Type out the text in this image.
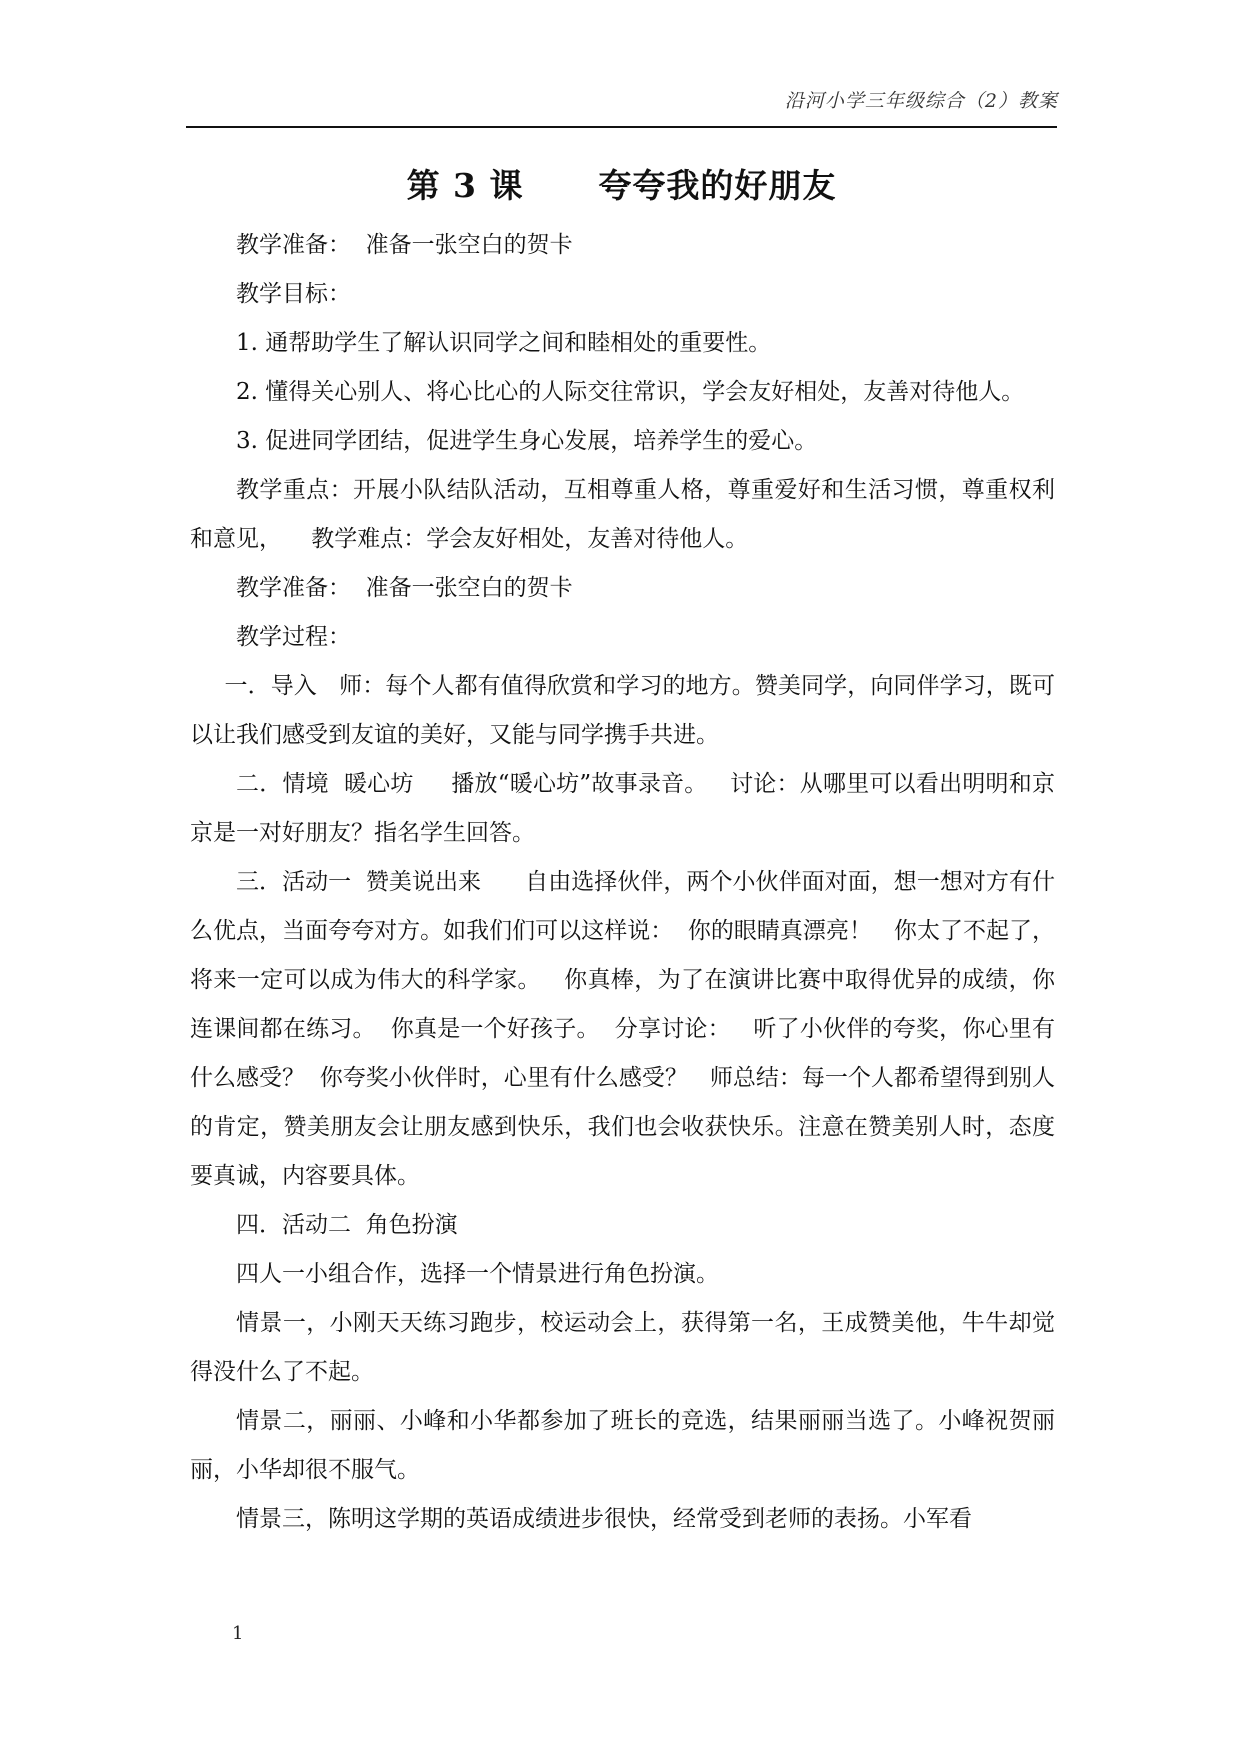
沿河小学三年级综合（2）教案
第 3 课      夸夸我的好朋友

教学准备：  准备一张空白的贺卡

教学目标：

1. 通帮助学生了解认识同学之间和睦相处的重要性。

2. 懂得关心别人、将心比心的人际交往常识，学会友好相处，友善对待他人。

3. 促进同学团结，促进学生身心发展，培养学生的爱心。

教学重点：开展小队结队活动，互相尊重人格，尊重爱好和生活习惯，尊重权利和意见，    教学难点：学会友好相处，友善对待他人。

教学准备：  准备一张空白的贺卡

教学过程：

一．导入   师：每个人都有值得欣赏和学习的地方。赞美同学，向同伴学习，既可以让我们感受到友谊的美好，又能与同学携手共进。

二．情境  暖心坊     播放“暖心坊”故事录音。   讨论：从哪里可以看出明明和京京是一对好朋友？指名学生回答。

三．活动一  赞美说出来      自由选择伙伴，两个小伙伴面对面，想一想对方有什么优点，当面夸夸对方。如我们们可以这样说：  你的眼睛真漂亮！   你太了不起了，将来一定可以成为伟大的科学家。   你真棒，为了在演讲比赛中取得优异的成绩，你连课间都在练习。  你真是一个好孩子。  分享讨论：   听了小伙伴的夸奖，你心里有什么感受？  你夸奖小伙伴时，心里有什么感受？   师总结：每一个人都希望得到别人的肯定，赞美朋友会让朋友感到快乐，我们也会收获快乐。注意在赞美别人时，态度要真诚，内容要具体。

四．活动二  角色扮演

四人一小组合作，选择一个情景进行角色扮演。

情景一，小刚天天练习跑步，校运动会上，获得第一名，王成赞美他，牛牛却觉得没什么了不起。

情景二，丽丽、小峰和小华都参加了班长的竞选，结果丽丽当选了。小峰祝贺丽丽，小华却很不服气。

情景三，陈明这学期的英语成绩进步很快，经常受到老师的表扬。小军看

1
